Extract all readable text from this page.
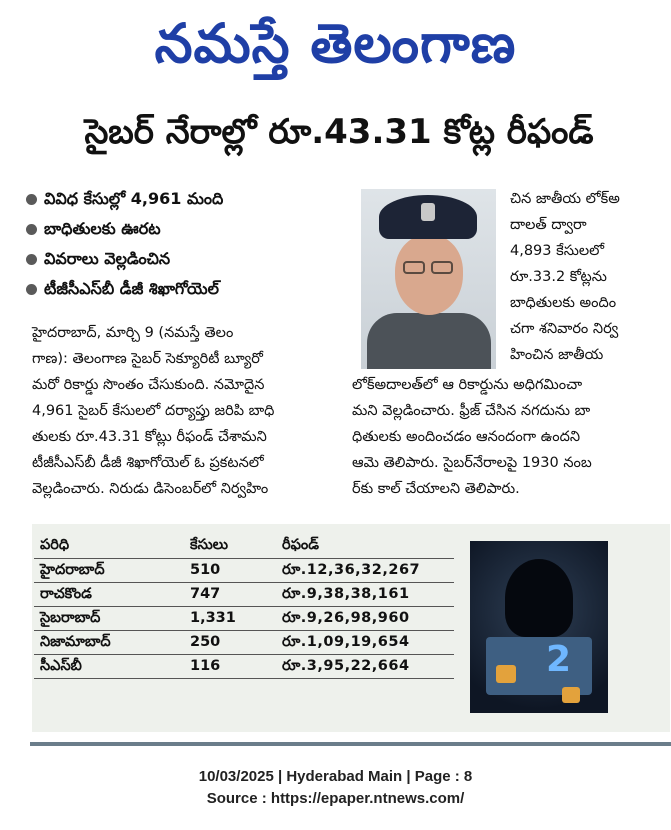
నమస్తే తెలంగాణ
సైబర్ నేరాల్లో రూ.43.31 కోట్ల రీఫండ్
వివిధ కేసుల్లో 4,961 మంది
బాధితులకు ఊరట
వివరాలు వెల్లడించిన
టీజీసీఎస్‌బీ డీజీ శిఖాగోయెల్
చిన జాతీయ లోక్‌అ
దాలత్ ద్వారా
4,893 కేసులలో
రూ.33.2 కోట్లను
బాధితులకు అందిం
చగా శనివారం నిర్వ
హించిన జాతీయ
హైదరాబాద్, మార్చి 9 (నమస్తే తెలం
గాణ): తెలంగాణ సైబర్ సెక్యూరిటీ బ్యూరో
మరో రికార్డు సొంతం చేసుకుంది. నమోదైన
4,961 సైబర్ కేసులలో దర్యాప్తు జరిపి బాధి
తులకు రూ.43.31 కోట్లు రీఫండ్ చేశామని
టీజీసీఎస్‌బీ డీజీ శిఖాగోయెల్ ఓ ప్రకటనలో
వెల్లడించారు. నిరుడు డిసెంబర్‌లో నిర్వహిం
లోక్‌అదాలత్‌లో ఆ రికార్డును అధిగమించా
మని వెల్లడించారు. ఫ్రీజ్ చేసిన నగదును బా
ధితులకు అందించడం ఆనందంగా ఉందని
ఆమె తెలిపారు. సైబర్‌నేరాలపై 1930 నంబ
ర్‌కు కాల్ చేయాలని తెలిపారు.
పరిధి	కేసులు	రీఫండ్
హైదరాబాద్	510	రూ.12,36,32,267
రాచకొండ	747	రూ.9,38,38,161
సైబరాబాద్	1,331	రూ.9,26,98,960
నిజామాబాద్	250	రూ.1,09,19,654
సీఎస్‌బీ	116	రూ.3,95,22,664	2
10/03/2025 | Hyderabad Main | Page : 8
Source : https://epaper.ntnews.com/
